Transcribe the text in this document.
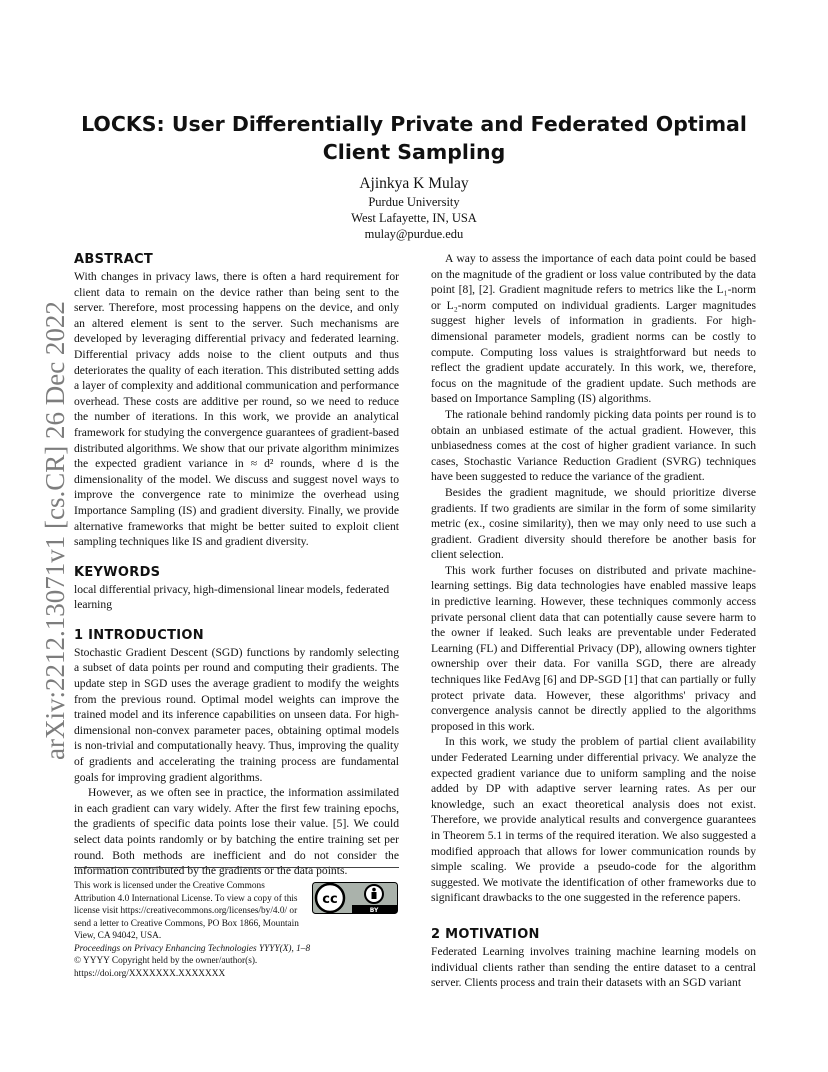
arXiv:2212.13071v1 [cs.CR] 26 Dec 2022
LOCKS: User Differentially Private and Federated Optimal Client Sampling
Ajinkya K Mulay
Purdue University
West Lafayette, IN, USA
mulay@purdue.edu
ABSTRACT

With changes in privacy laws, there is often a hard requirement for client data to remain on the device rather than being sent to the server. Therefore, most processing happens on the device, and only an altered element is sent to the server. Such mechanisms are developed by leveraging differential privacy and federated learning. Differential privacy adds noise to the client outputs and thus deteriorates the quality of each iteration. This distributed setting adds a layer of complexity and additional communication and performance overhead. These costs are additive per round, so we need to reduce the number of iterations. In this work, we provide an analytical framework for studying the convergence guarantees of gradient-based distributed algorithms. We show that our private algorithm minimizes the expected gradient variance in ≈ d² rounds, where d is the dimensionality of the model. We discuss and suggest novel ways to improve the convergence rate to minimize the overhead using Importance Sampling (IS) and gradient diversity. Finally, we provide alternative frameworks that might be better suited to exploit client sampling techniques like IS and gradient diversity.

KEYWORDS

local differential privacy, high-dimensional linear models, federated learning

1 INTRODUCTION

Stochastic Gradient Descent (SGD) functions by randomly selecting a subset of data points per round and computing their gradients. The update step in SGD uses the average gradient to modify the weights from the previous round. Optimal model weights can improve the trained model and its inference capabilities on unseen data. For high-dimensional non-convex parameter paces, obtaining optimal models is non-trivial and computationally heavy. Thus, improving the quality of gradients and accelerating the training process are fundamental goals for improving gradient algorithms.

However, as we often see in practice, the information assimilated in each gradient can vary widely. After the first few training epochs, the gradients of specific data points lose their value. [5]. We could select data points randomly or by batching the entire training set per round. Both methods are inefficient and do not consider the information contributed by the gradients or the data points.

A way to assess the importance of each data point could be based on the magnitude of the gradient or loss value contributed by the data point [8], [2]. Gradient magnitude refers to metrics like the L₁-norm or L₂-norm computed on individual gradients. Larger magnitudes suggest higher levels of information in gradients. For high-dimensional parameter models, gradient norms can be costly to compute. Computing loss values is straightforward but needs to reflect the gradient update accurately. In this work, we, therefore, focus on the magnitude of the gradient update. Such methods are based on Importance Sampling (IS) algorithms.

The rationale behind randomly picking data points per round is to obtain an unbiased estimate of the actual gradient. However, this unbiasedness comes at the cost of higher gradient variance. In such cases, Stochastic Variance Reduction Gradient (SVRG) techniques have been suggested to reduce the variance of the gradient.

Besides the gradient magnitude, we should prioritize diverse gradients. If two gradients are similar in the form of some similarity metric (ex., cosine similarity), then we may only need to use such a gradient. Gradient diversity should therefore be another basis for client selection.

This work further focuses on distributed and private machine-learning settings. Big data technologies have enabled massive leaps in predictive learning. However, these techniques commonly access private personal client data that can potentially cause severe harm to the owner if leaked. Such leaks are preventable under Federated Learning (FL) and Differential Privacy (DP), allowing owners tighter ownership over their data. For vanilla SGD, there are already techniques like FedAvg [6] and DP-SGD [1] that can partially or fully protect private data. However, these algorithms' privacy and convergence analysis cannot be directly applied to the algorithms proposed in this work.

In this work, we study the problem of partial client availability under Federated Learning under differential privacy. We analyze the expected gradient variance due to uniform sampling and the noise added by DP with adaptive server learning rates. As per our knowledge, such an exact theoretical analysis does not exist. Therefore, we provide analytical results and convergence guarantees in Theorem 5.1 in terms of the required iteration. We also suggested a modified approach that allows for lower communication rounds by simple scaling. We provide a pseudo-code for the algorithm suggested. We motivate the identification of other frameworks due to significant drawbacks to the one suggested in the reference papers.

2 MOTIVATION

Federated Learning involves training machine learning models on individual clients rather than sending the entire dataset to a central server. Clients process and train their datasets with an SGD variant

This work is licensed under the Creative Commons Attribution 4.0 International License. To view a copy of this license visit https://creativecommons.org/licenses/by/4.0/ or send a letter to Creative Commons, PO Box 1866, Mountain View, CA 94042, USA.
Proceedings on Privacy Enhancing Technologies YYYY(X), 1–8
© YYYY Copyright held by the owner/author(s).
https://doi.org/XXXXXXX.XXXXXXX
cc
BY
